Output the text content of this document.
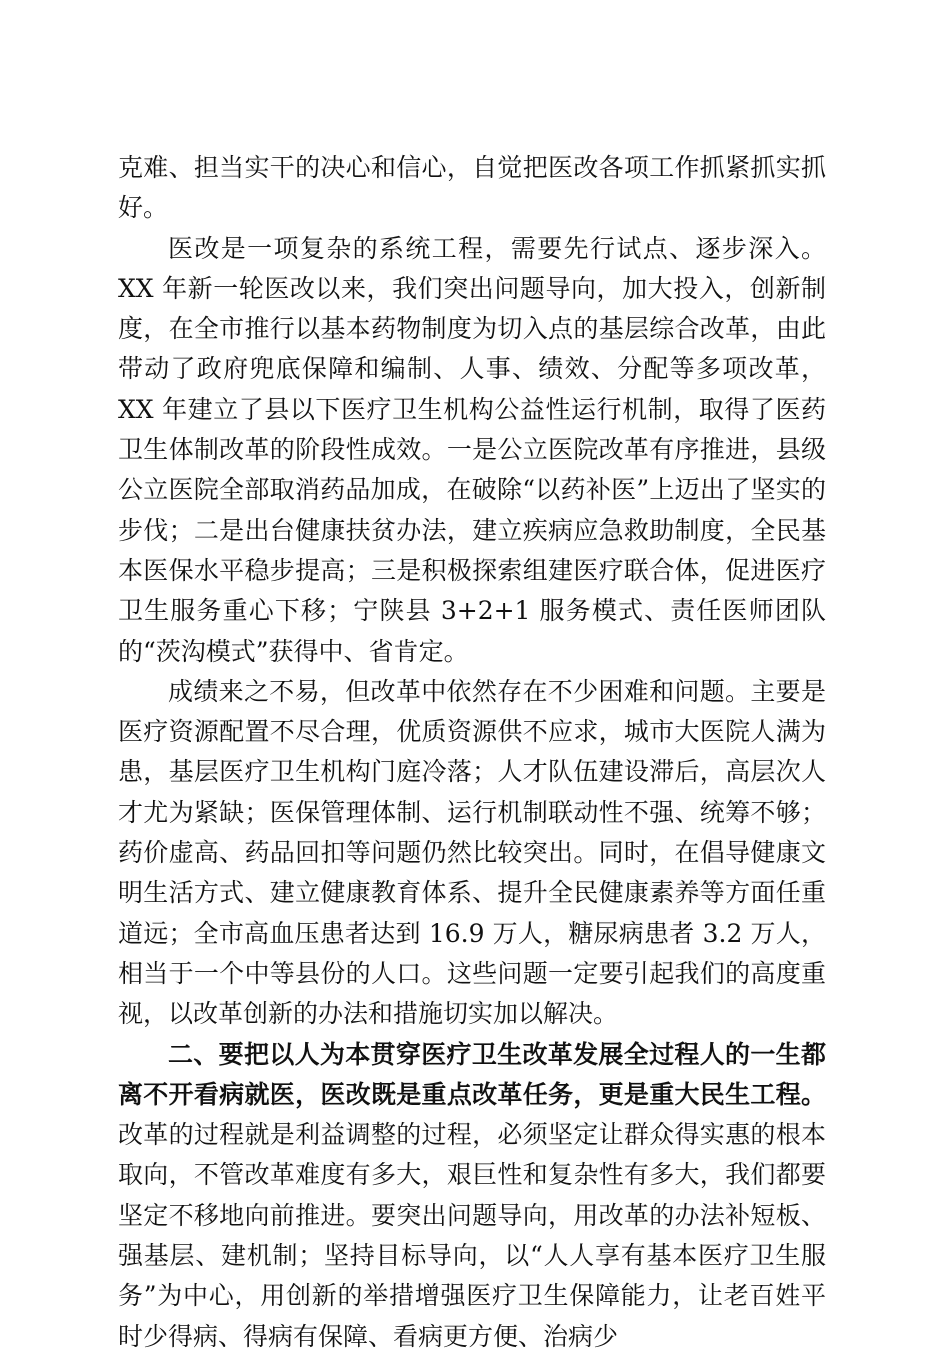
克难、担当实干的决心和信心，自觉把医改各项工作抓紧抓实抓好。

医改是一项复杂的系统工程，需要先行试点、逐步深入。XX 年新一轮医改以来，我们突出问题导向，加大投入，创新制度，在全市推行以基本药物制度为切入点的基层综合改革，由此带动了政府兜底保障和编制、人事、绩效、分配等多项改革，XX 年建立了县以下医疗卫生机构公益性运行机制，取得了医药卫生体制改革的阶段性成效。一是公立医院改革有序推进，县级公立医院全部取消药品加成，在破除“以药补医”上迈出了坚实的步伐；二是出台健康扶贫办法，建立疾病应急救助制度，全民基本医保水平稳步提高；三是积极探索组建医疗联合体，促进医疗卫生服务重心下移；宁陕县 3+2+1 服务模式、责任医师团队的“茨沟模式”获得中、省肯定。

成绩来之不易，但改革中依然存在不少困难和问题。主要是医疗资源配置不尽合理，优质资源供不应求，城市大医院人满为患，基层医疗卫生机构门庭冷落；人才队伍建设滞后，高层次人才尤为紧缺；医保管理体制、运行机制联动性不强、统筹不够；药价虚高、药品回扣等问题仍然比较突出。同时，在倡导健康文明生活方式、建立健康教育体系、提升全民健康素养等方面任重道远；全市高血压患者达到 16.9 万人，糖尿病患者 3.2 万人，相当于一个中等县份的人口。这些问题一定要引起我们的高度重视，以改革创新的办法和措施切实加以解决。

二、要把以人为本贯穿医疗卫生改革发展全过程人的一生都离不开看病就医，医改既是重点改革任务，更是重大民生工程。改革的过程就是利益调整的过程，必须坚定让群众得实惠的根本取向，不管改革难度有多大，艰巨性和复杂性有多大，我们都要坚定不移地向前推进。要突出问题导向，用改革的办法补短板、强基层、建机制；坚持目标导向，以“人人享有基本医疗卫生服务”为中心，用创新的举措增强医疗卫生保障能力，让老百姓平时少得病、得病有保障、看病更方便、治病少
